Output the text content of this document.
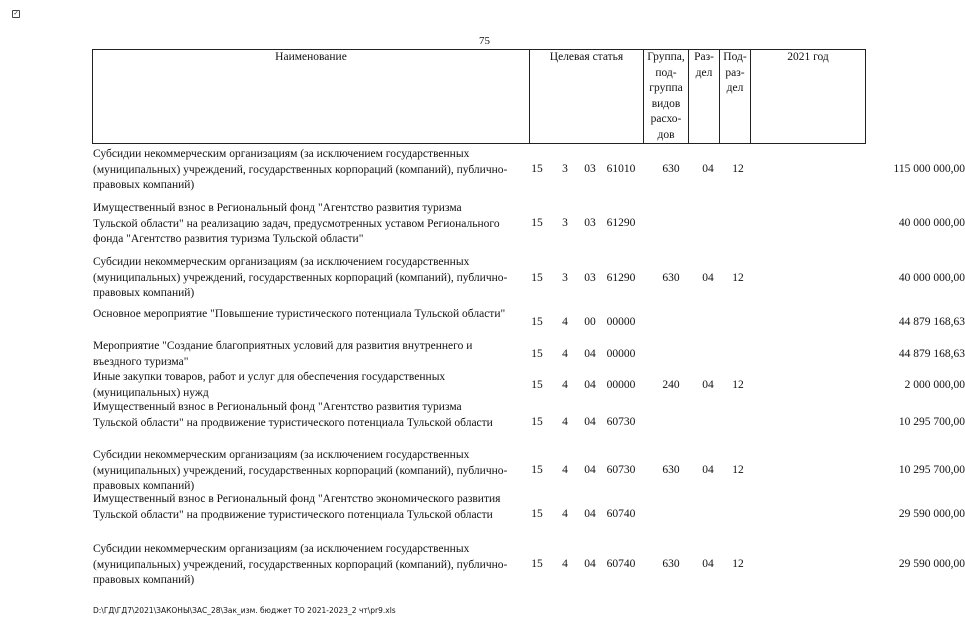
✓
75
Наименование	Целевая статья	Группа, под- группа видов расхо- дов	Раз- дел	Под- раз- дел	2021 год
Субсидии некоммерческим организациям (за исключением государственных (муниципальных) учреждений, государственных корпораций (компаний), публично-правовых компаний)
15 3 03 61010	630	04	12	115 000 000,00
Имущественный взнос в Региональный фонд "Агентство развития туризма Тульской области" на реализацию задач, предусмотренных уставом Регионального фонда "Агентство развития туризма Тульской области"
15 3 03 61290	40 000 000,00
Субсидии некоммерческим организациям (за исключением государственных (муниципальных) учреждений, государственных корпораций (компаний), публично-правовых компаний)
15 3 03 61290	630	04	12	40 000 000,00
Основное мероприятие "Повышение туристического потенциала Тульской области"
15 4 00 00000	44 879 168,63
Мероприятие "Создание благоприятных условий для развития внутреннего и въездного туризма"
15 4 04 00000	44 879 168,63
Иные закупки товаров, работ и услуг для обеспечения государственных (муниципальных) нужд
15 4 04 00000	240	04	12	2 000 000,00
Имущественный взнос в Региональный фонд "Агентство развития туризма Тульской области" на продвижение туристического потенциала Тульской области	15 4 04 60730	10 295 700,00
Субсидии некоммерческим организациям (за исключением государственных (муниципальных) учреждений, государственных корпораций (компаний), публично-правовых компаний)
15 4 04 60730	630	04	12	10 295 700,00
Имущественный взнос в Региональный фонд "Агентство экономического развития Тульской области" на продвижение туристического потенциала Тульской области	15 4 04 60740	29 590 000,00
Субсидии некоммерческим организациям (за исключением государственных (муниципальных) учреждений, государственных корпораций (компаний), публично-правовых компаний)
15 4 04 60740	630	04	12	29 590 000,00
D:\ГД\ГД7\2021\ЗАКОНЫ\ЗАС_28\Зак_изм. бюджет ТО 2021-2023_2 чт\pr9.xls
